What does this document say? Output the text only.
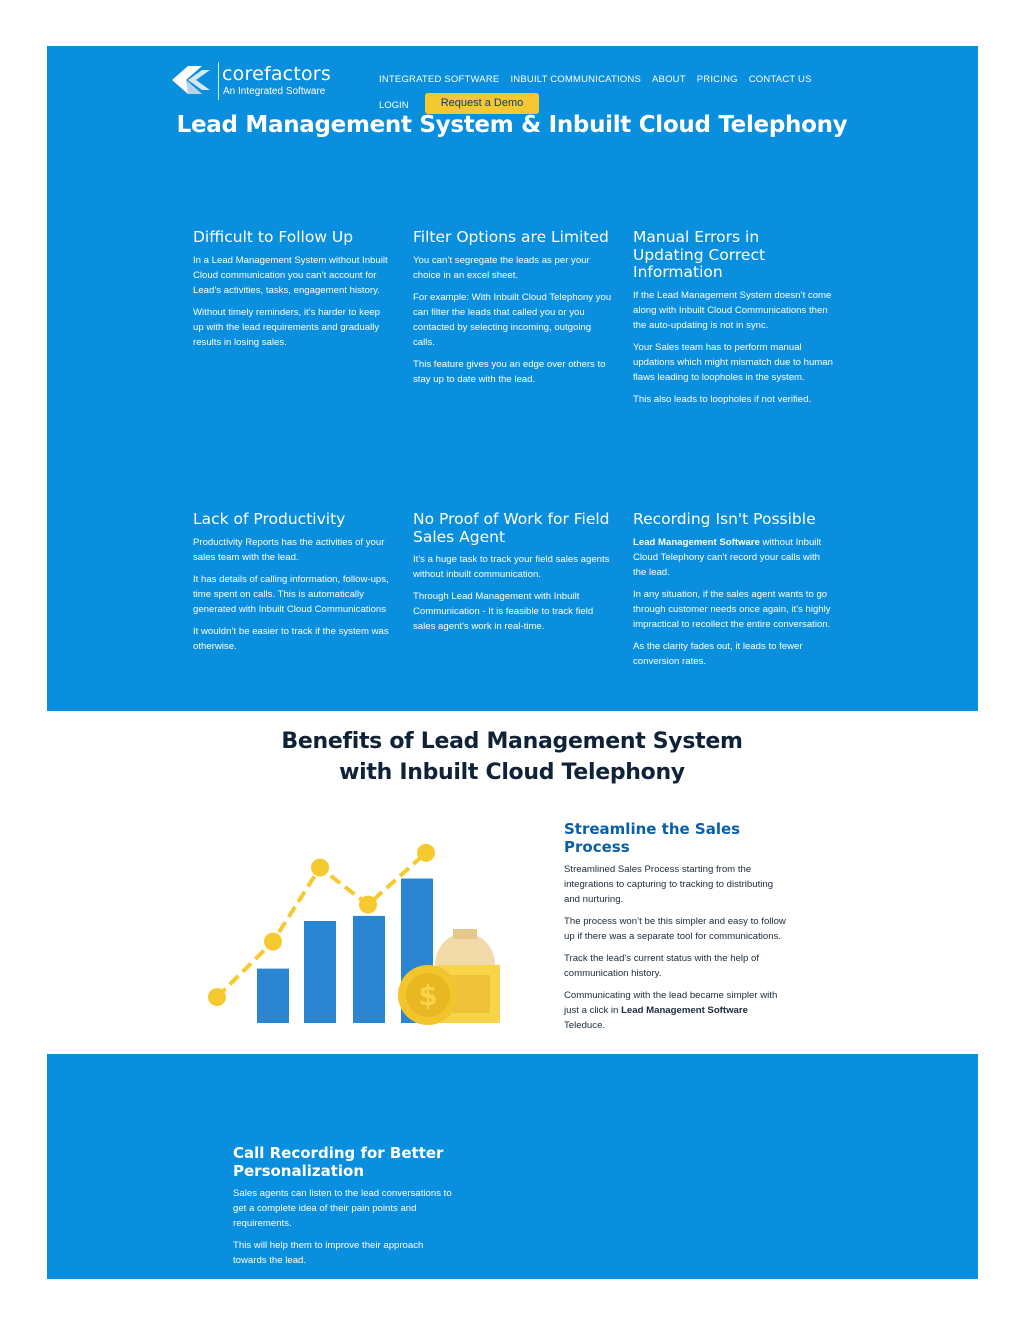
corefactors
An Integrated Software
INTEGRATED SOFTWARE INBUILT COMMUNICATIONS ABOUT PRICING CONTACT US
LOGIN	Request a Demo
Lead Management System & Inbuilt Cloud Telephony
Difficult to Follow Up

In a Lead Management System without Inbuilt Cloud communication you can’t account for Lead’s activities, tasks, engagement history.

Without timely reminders, it’s harder to keep up with the lead requirements and gradually results in losing sales.

Filter Options are Limited

You can’t segregate the leads as per your choice in an excel sheet.

For example: With Inbuilt Cloud Telephony you can filter the leads that called you or you contacted by selecting incoming, outgoing calls.

This feature gives you an edge over others to stay up to date with the lead.

Manual Errors in Updating Correct Information

If the Lead Management System doesn’t come along with Inbuilt Cloud Communications then the auto-updating is not in sync.

Your Sales team has to perform manual updations which might mismatch due to human flaws leading to loopholes in the system.

This also leads to loopholes if not verified.

Lack of Productivity

Productivity Reports has the activities of your sales team with the lead.

It has details of calling information, follow-ups, time spent on calls. This is automatically generated with Inbuilt Cloud Communications

It wouldn’t be easier to track if the system was otherwise.

No Proof of Work for Field Sales Agent

It's a huge task to track your field sales agents without inbuilt communication.

Through Lead Management with Inbuilt Communication - It is feasible to track field sales agent's work in real-time.

Recording Isn't Possible

Lead Management Software without Inbuilt Cloud Telephony can’t record your calls with the lead.

In any situation, if the sales agent wants to go through customer needs once again, it's highly impractical to recollect the entire conversation.

As the clarity fades out, it leads to fewer conversion rates.

Benefits of Lead Management System
with Inbuilt Cloud Telephony
$
Streamline the Sales Process

Streamlined Sales Process starting from the integrations to capturing to tracking to distributing and nurturing.

The process won’t be this simpler and easy to follow up if there was a separate tool for communications.

Track the lead's current status with the help of communication history.

Communicating with the lead became simpler with just a click in Lead Management Software Teleduce.

Call Recording for Better Personalization

Sales agents can listen to the lead conversations to get a complete idea of their pain points and requirements.

This will help them to improve their approach towards the lead.
